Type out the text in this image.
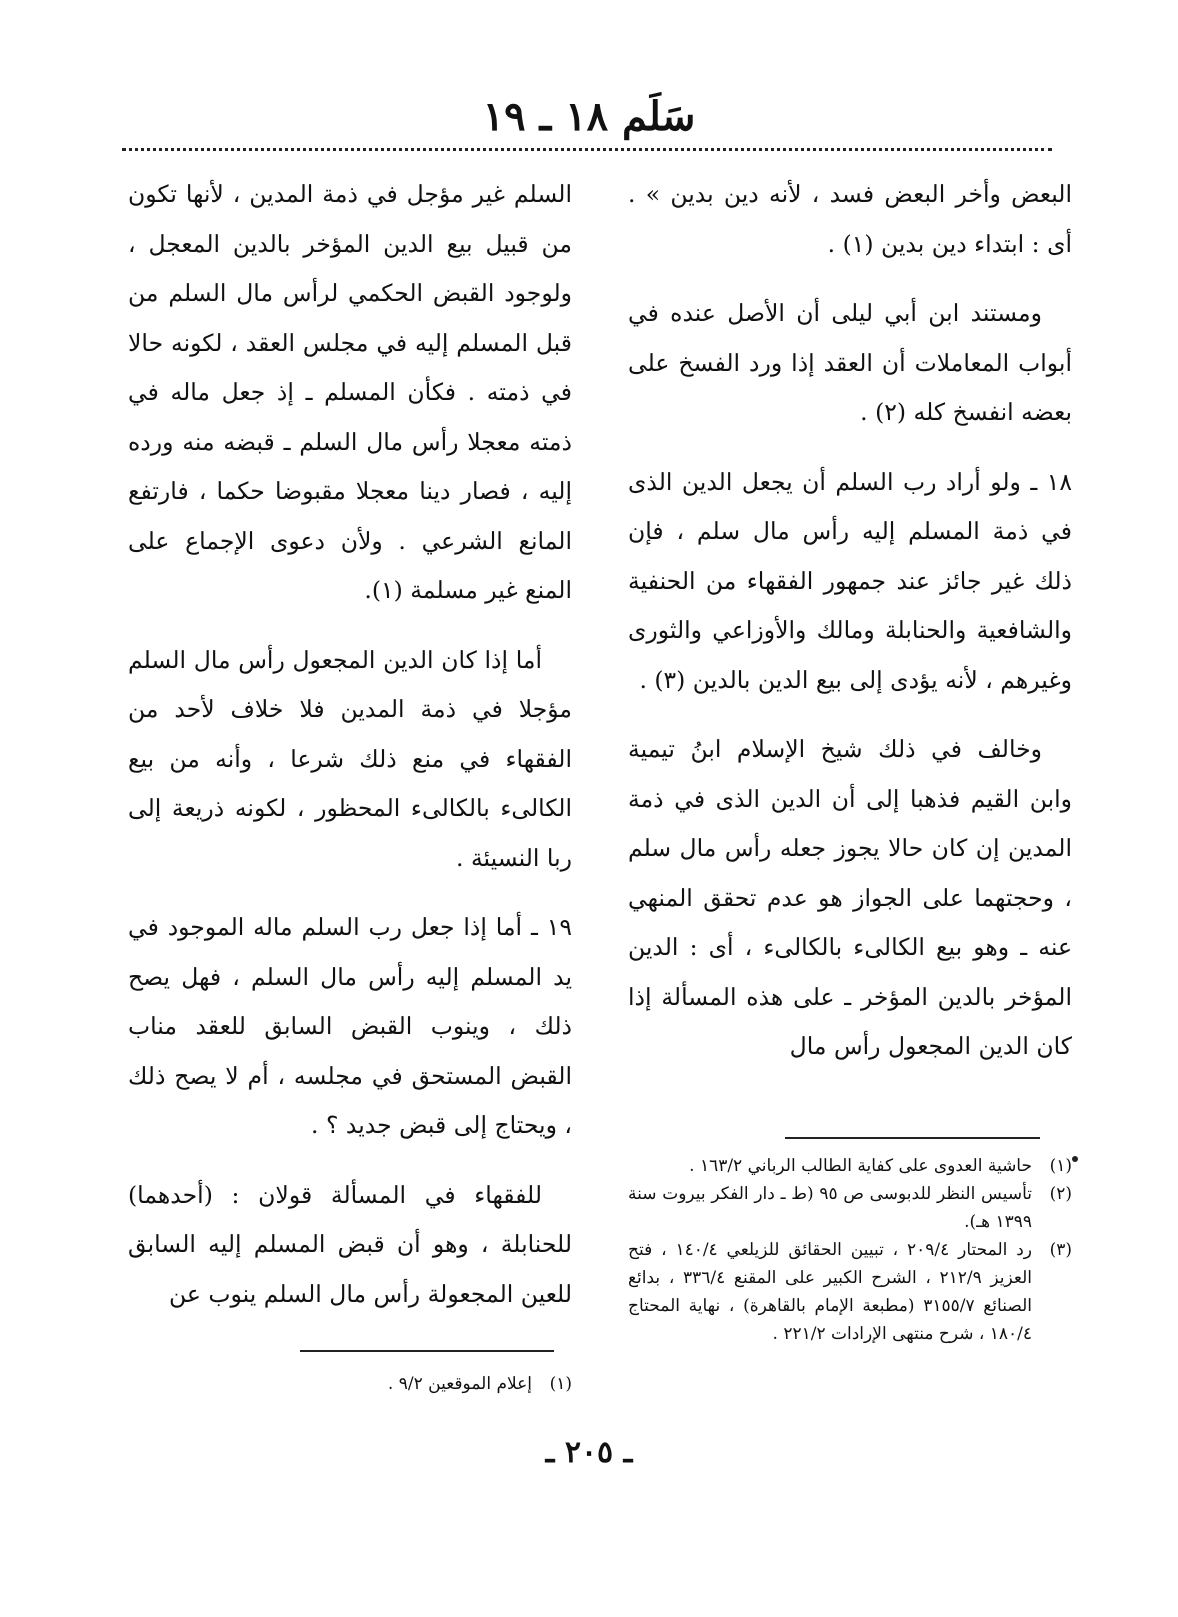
سَلَم ١٨ ـ ١٩

البعض وأخر البعض فسد ، لأنه دين بدين » . أى : ابتداء دين بدين (١) .

ومستند ابن أبي ليلى أن الأصل عنده في أبواب المعاملات أن العقد إذا ورد الفسخ على بعضه انفسخ كله (٢) .

١٨ ـ ولو أراد رب السلم أن يجعل الدين الذى في ذمة المسلم إليه رأس مال سلم ، فإن ذلك غير جائز عند جمهور الفقهاء من الحنفية والشافعية والحنابلة ومالك والأوزاعي والثورى وغيرهم ، لأنه يؤدى إلى بيع الدين بالدين (٣) .

وخالف في ذلك شيخ الإسلام ابنُ تيمية وابن القيم فذهبا إلى أن الدين الذى في ذمة المدين إن كان حالا يجوز جعله رأس مال سلم ، وحجتهما على الجواز هو عدم تحقق المنهي عنه ـ وهو بيع الكالىء بالكالىء ، أى : الدين المؤخر بالدين المؤخر ـ على هذه المسألة إذا كان الدين المجعول رأس مال

السلم غير مؤجل في ذمة المدين ، لأنها تكون من قبيل بيع الدين المؤخر بالدين المعجل ، ولوجود القبض الحكمي لرأس مال السلم من قبل المسلم إليه في مجلس العقد ، لكونه حالا في ذمته . فكأن المسلم ـ إذ جعل ماله في ذمته معجلا رأس مال السلم ـ قبضه منه ورده إليه ، فصار دينا معجلا مقبوضا حكما ، فارتفع المانع الشرعي . ولأن دعوى الإجماع على المنع غير مسلمة (١).

أما إذا كان الدين المجعول رأس مال السلم مؤجلا في ذمة المدين فلا خلاف لأحد من الفقهاء في منع ذلك شرعا ، وأنه من بيع الكالىء بالكالىء المحظور ، لكونه ذريعة إلى ربا النسيئة .

١٩ ـ أما إذا جعل رب السلم ماله الموجود في يد المسلم إليه رأس مال السلم ، فهل يصح ذلك ، وينوب القبض السابق للعقد مناب القبض المستحق في مجلسه ، أم لا يصح ذلك ، ويحتاج إلى قبض جديد ؟ .

للفقهاء في المسألة قولان : (أحدهما) للحنابلة ، وهو أن قبض المسلم إليه السابق للعين المجعولة رأس مال السلم ينوب عن

(١)
حاشية العدوى على كفاية الطالب الرباني ١٦٣/٢ .
(٢)
تأسيس النظر للدبوسى ص ٩٥ (ط ـ دار الفكر بيروت سنة ١٣٩٩ هـ).
(٣)
رد المحتار ٢٠٩/٤ ، تبيين الحقائق للزيلعي ١٤٠/٤ ، فتح العزيز ٢١٢/٩ ، الشرح الكبير على المقنع ٣٣٦/٤ ، بدائع الصنائع ٣١٥٥/٧ (مطبعة الإمام بالقاهرة) ، نهاية المحتاج ١٨٠/٤ ، شرح منتهى الإرادات ٢٢١/٢ .
(١)
إعلام الموقعين ٩/٢ .
ـ ٢٠٥ ـ
